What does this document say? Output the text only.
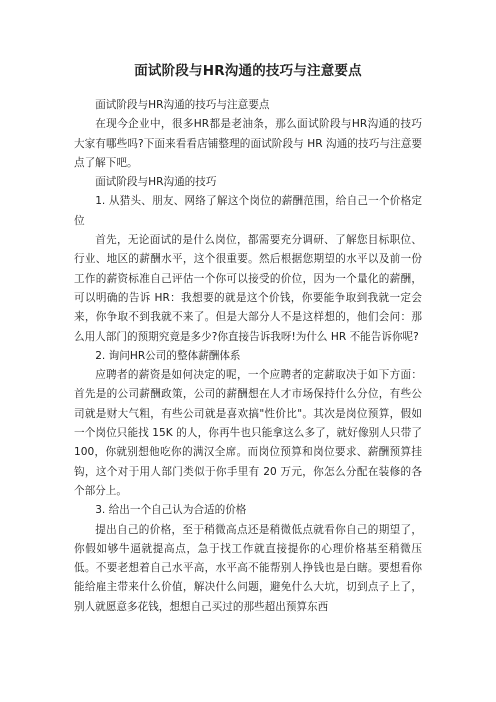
面试阶段与HR沟通的技巧与注意要点

面试阶段与HR沟通的技巧与注意要点

在现今企业中，很多HR都是老油条，那么面试阶段与HR沟通的技巧大家有哪些吗?下面来看看店铺整理的面试阶段与 HR 沟通的技巧与注意要点了解下吧。

面试阶段与HR沟通的技巧

1. 从猎头、朋友、网络了解这个岗位的薪酬范围，给自己一个价格定位

首先，无论面试的是什么岗位，都需要充分调研、了解您目标职位、行业、地区的薪酬水平，这个很重要。然后根据您期望的水平以及前一份工作的薪资标准自己评估一个你可以接受的价位，因为一个量化的薪酬，可以明确的告诉 HR：我想要的就是这个价钱，你要能争取到我就一定会来，你争取不到我就不来了。但是大部分人不是这样想的，他们会问：那么用人部门的预期究竟是多少?你直接告诉我呀!为什么 HR 不能告诉你呢?

2. 询问HR公司的整体薪酬体系

应聘者的薪资是如何决定的呢，一个应聘者的定薪取决于如下方面：首先是的公司薪酬政策，公司的薪酬想在人才市场保持什么分位，有些公司就是财大气粗，有些公司就是喜欢搞"性价比"。其次是岗位预算，假如一个岗位只能找 15K 的人，你再牛也只能拿这么多了，就好像别人只带了 100，你就别想他吃你的满汉全席。而岗位预算和岗位要求、薪酬预算挂钩，这个对于用人部门类似于你手里有 20 万元，你怎么分配在装修的各个部分上。

3. 给出一个自己认为合适的价格

提出自己的价格，至于稍微高点还是稍微低点就看你自己的期望了，你假如够牛逼就提高点，急于找工作就直接提你的心理价格基至稍微压低。不要老想着自己水平高，水平高不能帮别人挣钱也是白瞎。要想看你能给雇主带来什么价值，解决什么问题，避免什么大坑，切到点子上了，别人就愿意多花钱，想想自己买过的那些超出预算东西
